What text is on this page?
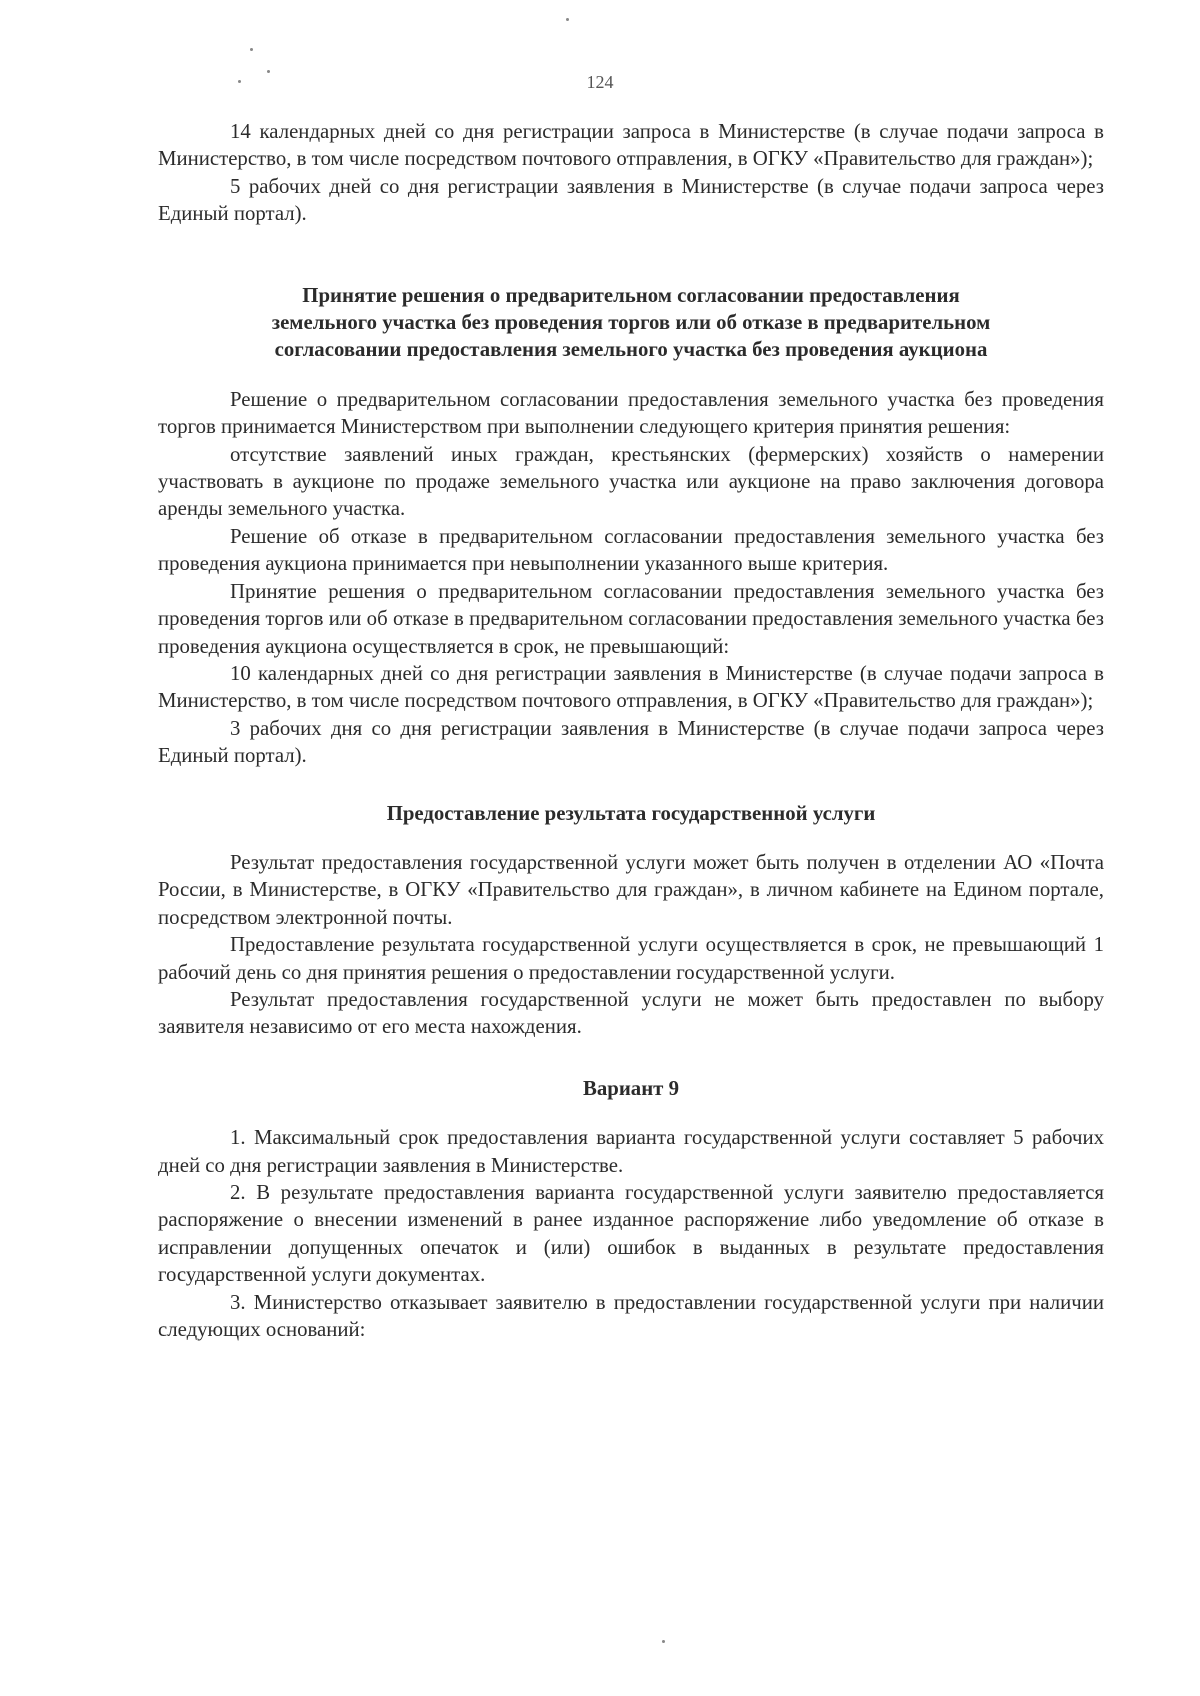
124

14 календарных дней со дня регистрации запроса в Министерстве (в случае подачи запроса в Министерство, в том числе посредством почтового отправления, в ОГКУ «Правительство для граждан»);

5 рабочих дней со дня регистрации заявления в Министерстве (в случае подачи запроса через Единый портал).

Принятие решения о предварительном согласовании предоставления
земельного участка без проведения торгов или об отказе в предварительном
согласовании предоставления земельного участка без проведения аукциона

Решение о предварительном согласовании предоставления земельного участка без проведения торгов принимается Министерством при выполнении следующего критерия принятия решения:

отсутствие заявлений иных граждан, крестьянских (фермерских) хозяйств о намерении участвовать в аукционе по продаже земельного участка или аукционе на право заключения договора аренды земельного участка.

Решение об отказе в предварительном согласовании предоставления земельного участка без проведения аукциона принимается при невыполнении указанного выше критерия.

Принятие решения о предварительном согласовании предоставления земельного участка без проведения торгов или об отказе в предварительном согласовании предоставления земельного участка без проведения аукциона осуществляется в срок, не превышающий:

10 календарных дней со дня регистрации заявления в Министерстве (в случае подачи запроса в Министерство, в том числе посредством почтового отправления, в ОГКУ «Правительство для граждан»);

3 рабочих дня со дня регистрации заявления в Министерстве (в случае подачи запроса через Единый портал).

Предоставление результата государственной услуги

Результат предоставления государственной услуги может быть получен в отделении АО «Почта России, в Министерстве, в ОГКУ «Правительство для граждан», в личном кабинете на Едином портале, посредством электронной почты.

Предоставление результата государственной услуги осуществляется в срок, не превышающий 1 рабочий день со дня принятия решения о предоставлении государственной услуги.

Результат предоставления государственной услуги не может быть предоставлен по выбору заявителя независимо от его места нахождения.

Вариант 9

1. Максимальный срок предоставления варианта государственной услуги составляет 5 рабочих дней со дня регистрации заявления в Министерстве.

2. В результате предоставления варианта государственной услуги заявителю предоставляется распоряжение о внесении изменений в ранее изданное распоряжение либо уведомление об отказе в исправлении допущенных опечаток и (или) ошибок в выданных в результате предоставления государственной услуги документах.

3. Министерство отказывает заявителю в предоставлении государственной услуги при наличии следующих оснований:
